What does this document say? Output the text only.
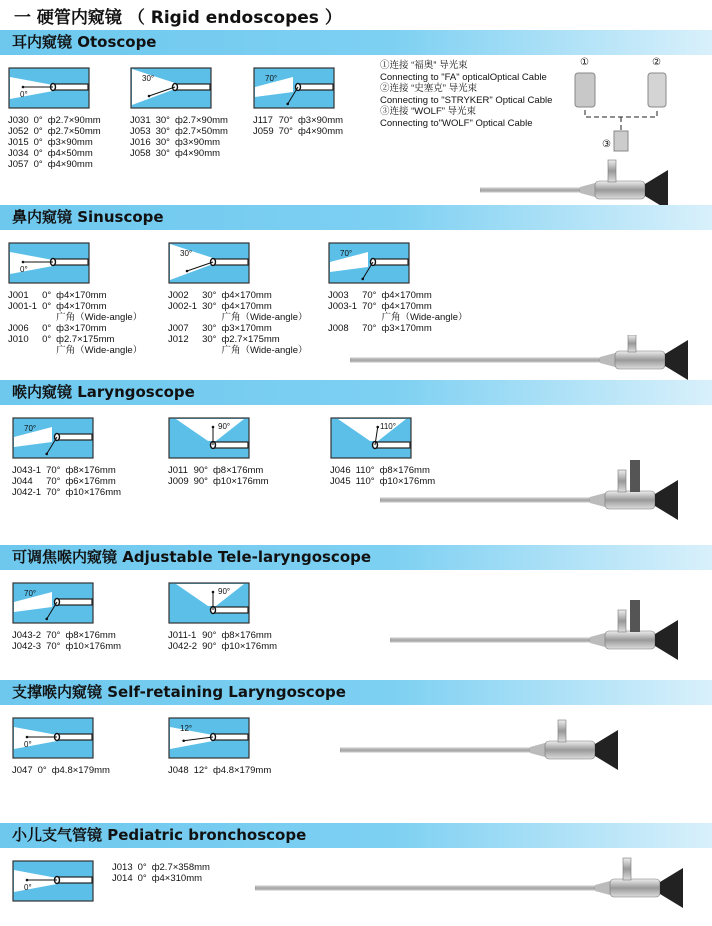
一 硬管内窥镜 （ Rigid endoscopes ）
耳内窥镜 Otoscope
0°
J030	0°	ф2.7×90mm
J052	0°	ф2.7×50mm
J015	0°	ф3×90mm
J034	0°	ф4×50mm
J057	0°	ф4×90mm
30°
J031	30°	ф2.7×90mm
J053	30°	ф2.7×50mm
J016	30°	ф3×90mm
J058	30°	ф4×90mm
70°
J117	70°	ф3×90mm
J059	70°	ф4×90mm
①连接 “福奥” 导光束
Connecting to "FA" opticalOptical Cable
②连接 “史塞克” 导光束
Connecting to "STRYKER" Optical Cable
③连接 “WOLF” 导光束
Connecting to"WOLF" Optical Cable
①	②
③
鼻内窥镜 Sinuscope
0°
J001	0°	ф4×170mm
J001-1	0°	ф4×170mm
		广角（Wide-angle）
J006	0°	ф3×170mm
J010	0°	ф2.7×175mm
		广角（Wide-angle）
30°
J002	30°	ф4×170mm
J002-1	30°	ф4×170mm
		广角（Wide-angle）
J007	30°	ф3×170mm
J012	30°	ф2.7×175mm
		广角（Wide-angle）
70°
J003	70°	ф4×170mm
J003-1	70°	ф4×170mm
		广角（Wide-angle）
J008	70°	ф3×170mm
喉内窥镜 Laryngoscope
70°
J043-1	70°	ф8×176mm
J044	70°	ф6×176mm
J042-1	70°	ф10×176mm
90°
J011	90°	ф8×176mm
J009	90°	ф10×176mm
110°
J046	110°	ф8×176mm
J045	110°	ф10×176mm
可调焦喉内窥镜 Adjustable Tele-laryngoscope
70°
J043-2	70°	ф8×176mm
J042-3	70°	ф10×176mm
90°
J011-1	90°	ф8×176mm
J042-2	90°	ф10×176mm
支撑喉内窥镜 Self-retaining Laryngoscope
0°
J047	0°	ф4.8×179mm
12°
J048	12°	ф4.8×179mm
小儿支气管镜 Pediatric bronchoscope
0°
J013	0°	ф2.7×358mm
J014	0°	ф4×310mm
